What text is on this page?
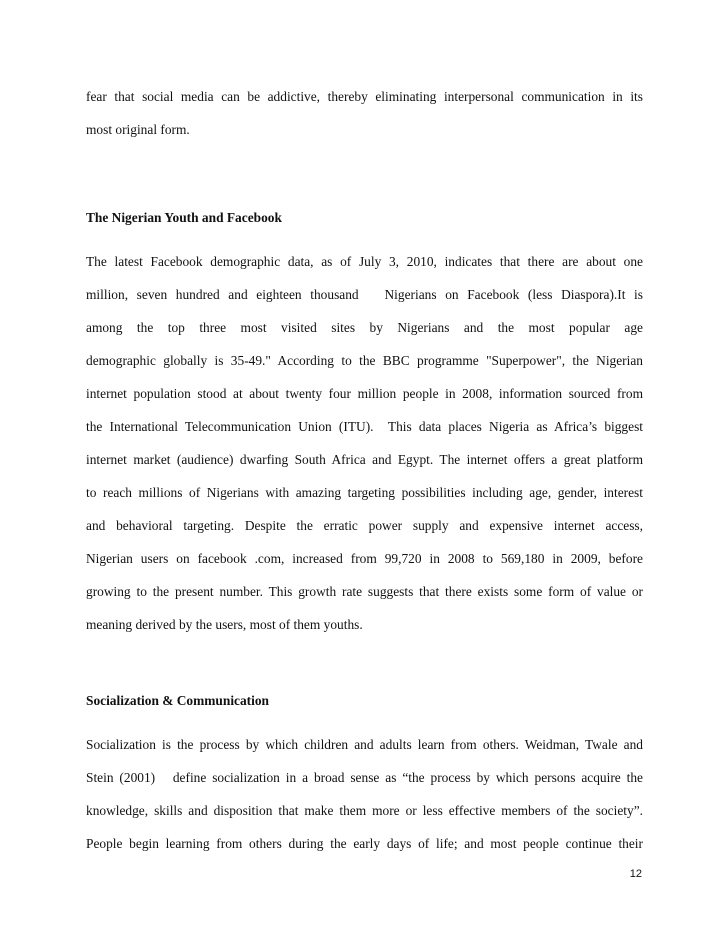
fear that social media can be addictive, thereby eliminating interpersonal communication in its
most original form.
The Nigerian Youth and Facebook
The latest Facebook demographic data, as of July 3, 2010, indicates that there are about one
million, seven hundred and eighteen thousand   Nigerians on Facebook (less Diaspora).It is
among the top three most visited sites by Nigerians and the most popular age
demographic globally is 35-49." According to the BBC programme "Superpower", the Nigerian
internet population stood at about twenty four million people in 2008, information sourced from
the International Telecommunication Union (ITU).  This data places Nigeria as Africa’s biggest
internet market (audience) dwarfing South Africa and Egypt. The internet offers a great platform
to reach millions of Nigerians with amazing targeting possibilities including age, gender, interest
and behavioral targeting. Despite the erratic power supply and expensive internet access,
Nigerian users on facebook .com, increased from 99,720 in 2008 to 569,180 in 2009, before
growing to the present number. This growth rate suggests that there exists some form of value or
meaning derived by the users, most of them youths.
Socialization & Communication
Socialization is the process by which children and adults learn from others. Weidman, Twale and
Stein (2001)   define socialization in a broad sense as “the process by which persons acquire the
knowledge, skills and disposition that make them more or less effective members of the society”.
People begin learning from others during the early days of life; and most people continue their
12
